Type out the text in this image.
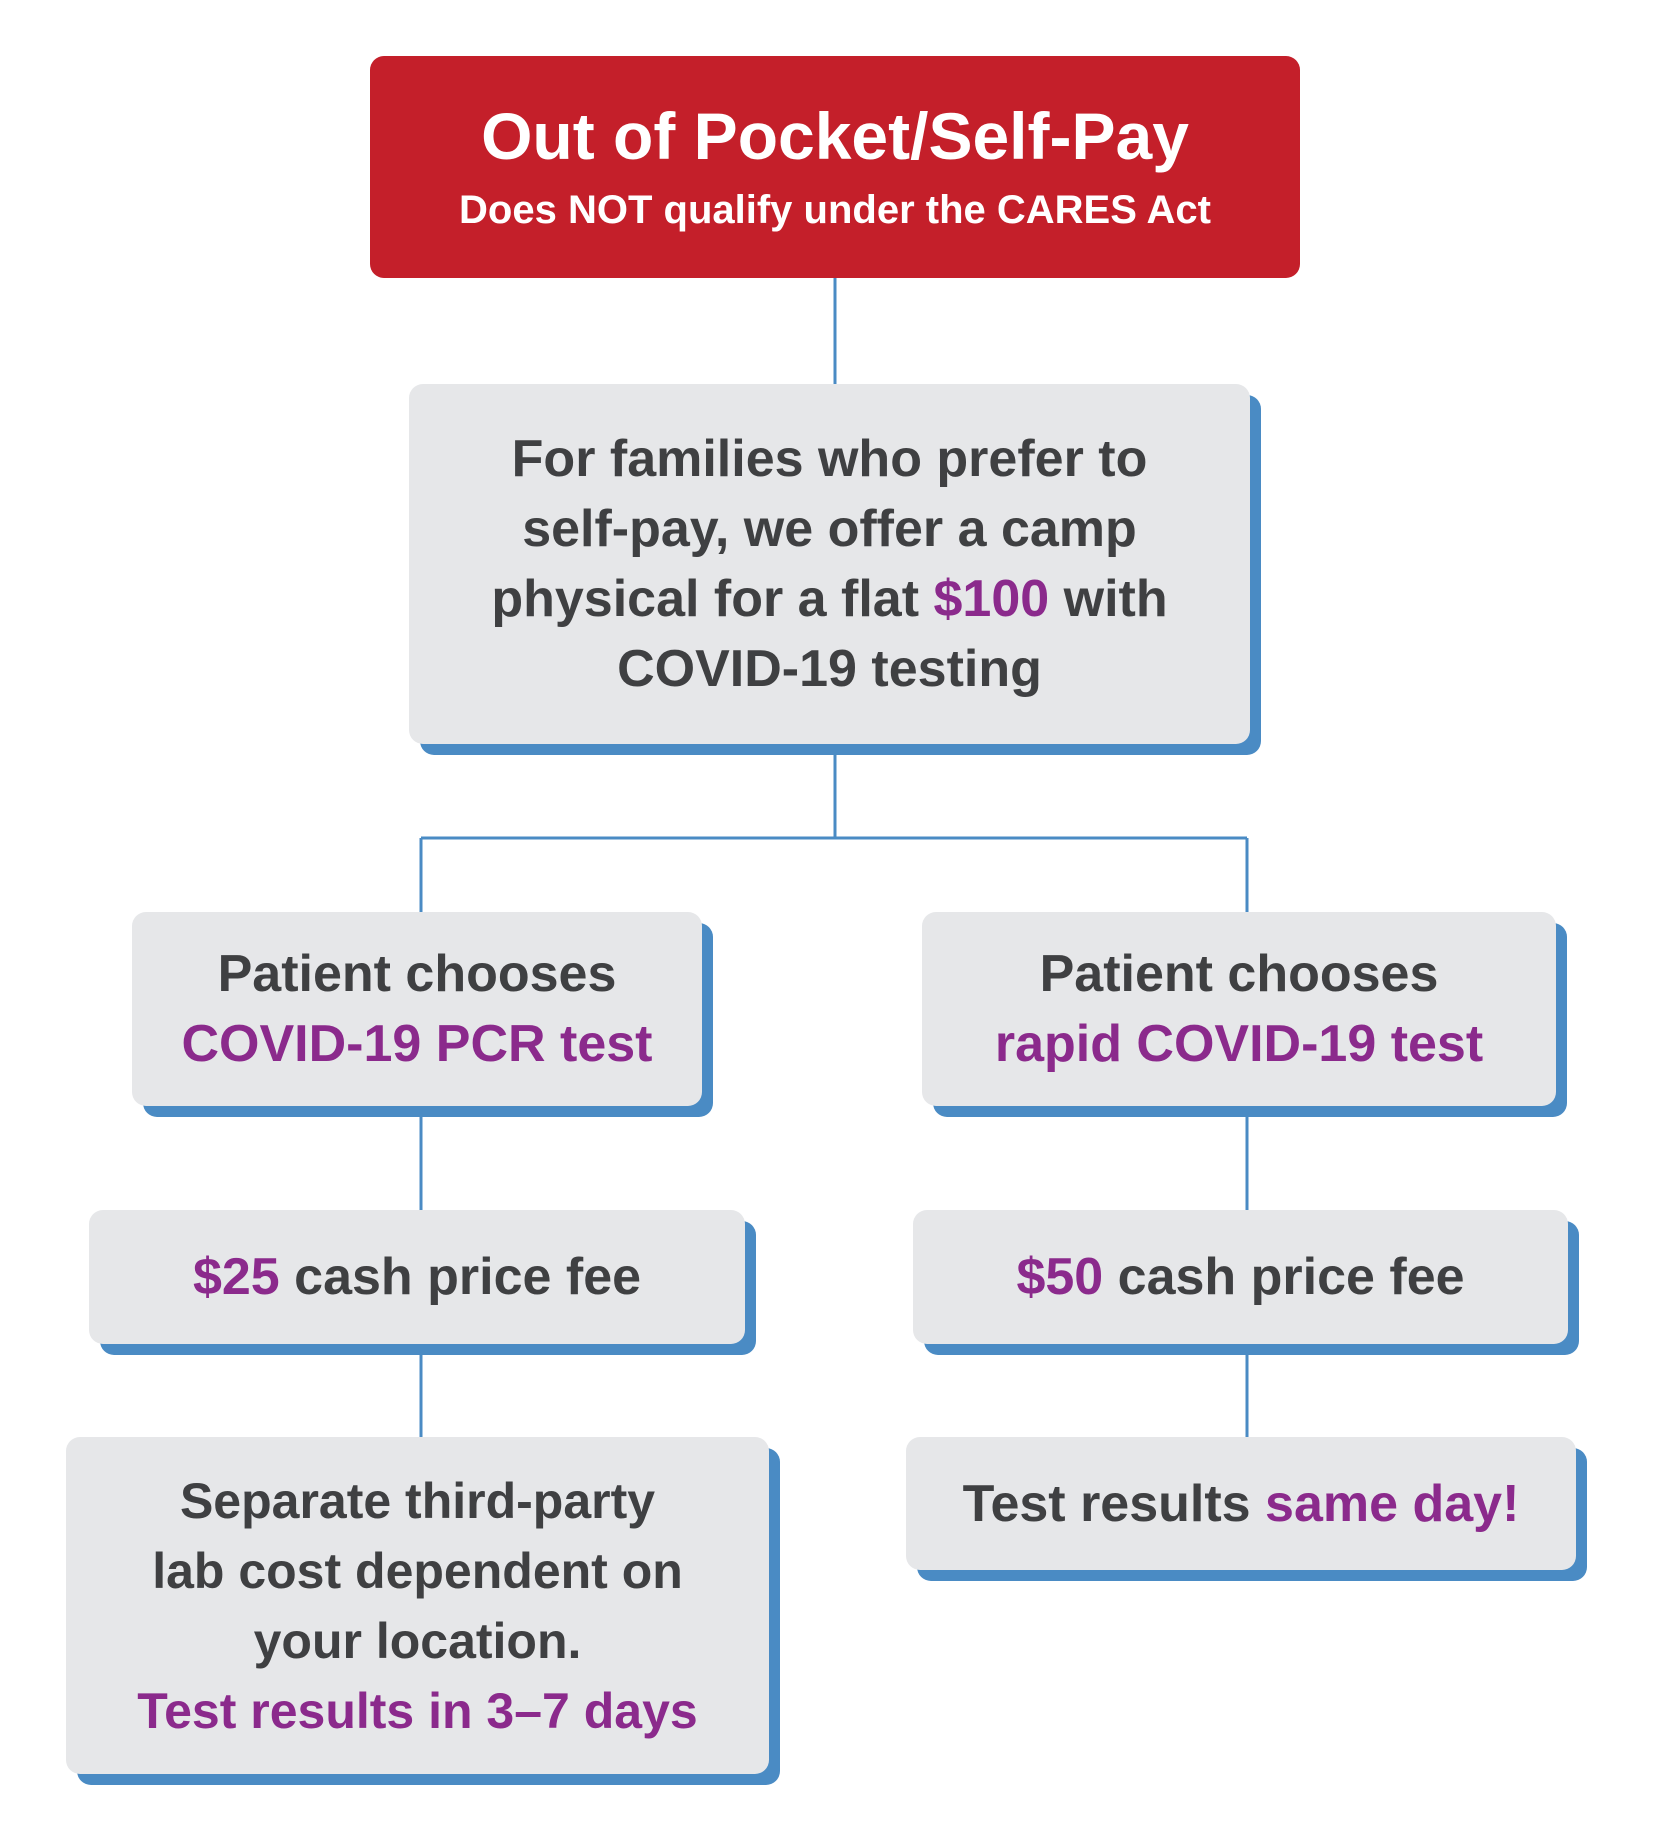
Out of Pocket/Self-Pay
Does NOT qualify under the CARES Act
For families who prefer to
self-pay, we offer a camp
physical for a flat $100 with
COVID-19 testing
Patient chooses
COVID-19 PCR test
Patient chooses
rapid COVID-19 test
$25 cash price fee	$50 cash price fee
Separate third-party
lab cost dependent on
your location.
Test results in 3–7 days
Test results same day!
